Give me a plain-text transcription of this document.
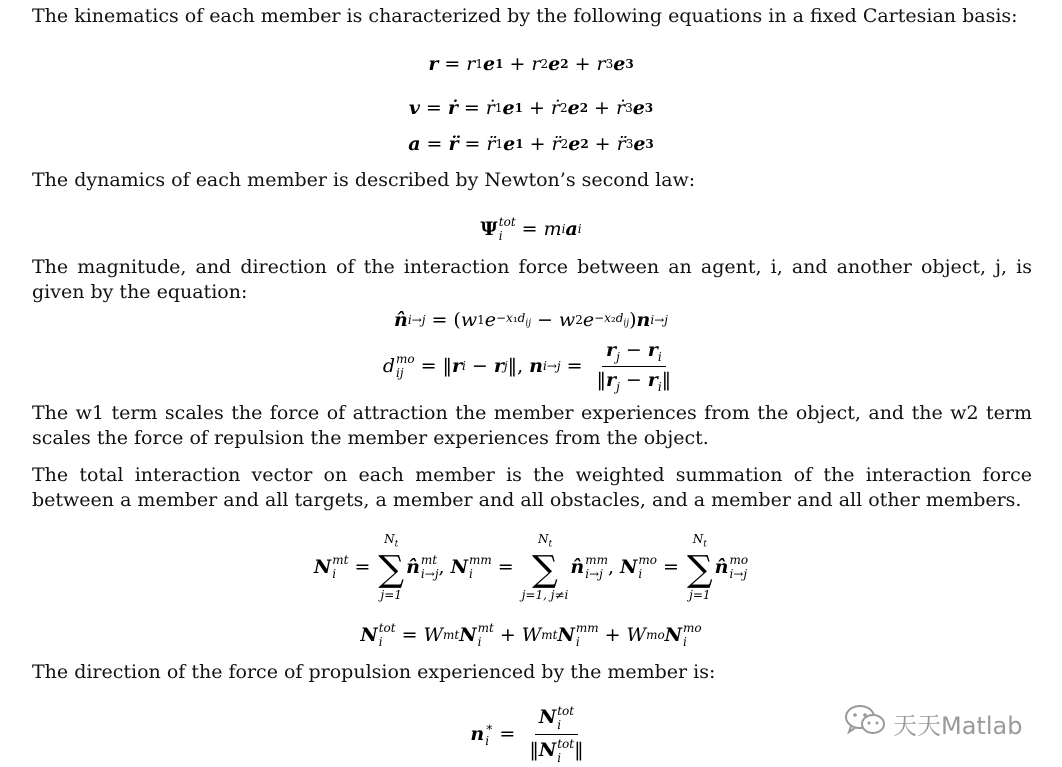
The kinematics of each member is characterized by the following equations in a fixed Cartesian basis:

r = r 1 e 1 + r 2 e 2 + r 3 e 3
v = ṙ = ṙ 1 e 1 + ṙ 2 e 2 + ṙ 3 e 3
a = r̈ = r̈ 1 e 1 + r̈ 2 e 2 + r̈ 3 e 3

The dynamics of each member is described by Newton’s second law:

Ψ tot
i	= m i a i

The magnitude, and direction of the interaction force between an agent, i, and another object, j, is given by the equation:

n̂ i→j = ( w 1 $e -x_1d_{ij} - w$ 2 $e -x_2d_{ij}$ ) n i→j
d mo
ij = ‖ r i − r j ‖, n $i\to j = \frac{r_j - r_i}{‖r_j - r_i‖}$

The w1 term scales the force of attraction the member experiences from the object, and the w2 term scales the force of repulsion the member experiences from the object.

The total interaction vector on each member is the weighted summation of the interaction force between a member and all targets, a member and all obstacles, and a member and all other members.

N mt
i =
$N_t$
∑
j=1
n̂ mt
i→j , N mm
i	=
$N_t$
∑
j=1, j≠i
n̂ mm
i→j , N mo
i	=
$N_t$
∑
j=1
n̂ mo
i→j
N tot
i	= W mt N mt
i + W mt N mm
i	+ W mo N mo
i

The direction of the force of propulsion experienced by the member is:

n ∗
i = N tot
i
‖N tot
i ‖	天天Matlab
